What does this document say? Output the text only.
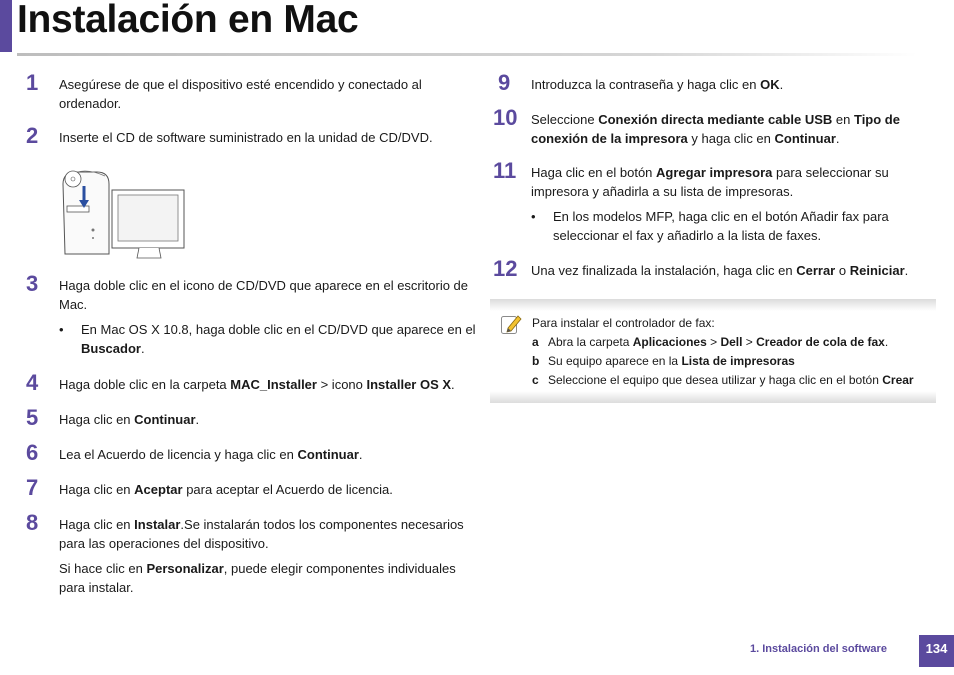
Instalación en Mac
1	Asegúrese de que el dispositivo esté encendido y conectado al ordenador.
2	Inserte el CD de software suministrado en la unidad de CD/DVD.
3	Haga doble clic en el icono de CD/DVD que aparece en el escritorio de Mac.
• En Mac OS X 10.8, haga doble clic en el CD/DVD que aparece en el Buscador.
4	Haga doble clic en la carpeta MAC_Installer > icono Installer OS X.
5	Haga clic en Continuar.
6	Lea el Acuerdo de licencia y haga clic en Continuar.
7	Haga clic en Aceptar para aceptar el Acuerdo de licencia.
8	Haga clic en Instalar.Se instalarán todos los componentes necesarios para las operaciones del dispositivo.
Si hace clic en Personalizar, puede elegir componentes individuales para instalar.
9	Introduzca la contraseña y haga clic en OK.
10	Seleccione Conexión directa mediante cable USB en Tipo de conexión de la impresora y haga clic en Continuar.
11	Haga clic en el botón Agregar impresora para seleccionar su impresora y añadirla a su lista de impresoras.
• En los modelos MFP, haga clic en el botón Añadir fax para seleccionar el fax y añadirlo a la lista de faxes.
12	Una vez finalizada la instalación, haga clic en Cerrar o Reiniciar.
Para instalar el controlador de fax:
a Abra la carpeta Aplicaciones > Dell > Creador de cola de fax.
b Su equipo aparece en la Lista de impresoras
c Seleccione el equipo que desea utilizar y haga clic en el botón Crear
1. Instalación del software	134
